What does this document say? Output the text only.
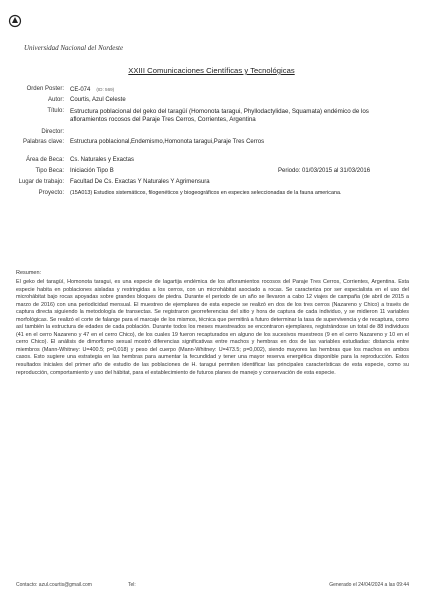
Universidad Nacional del Nordeste
XXIII Comunicaciones Científicas y Tecnológicas
Orden Poster: CE-074 (ID: 569)
Autor: Courtis, Azul Celeste
Título: Estructura poblacional del geko del taragüí (Homonota taragui, Phyllodactylidae, Squamata) endémico de los afloramientos rocosos del Paraje Tres Cerros, Corrientes, Argentina
Director:
Palabras clave: Estructura poblacional,Endemismo,Homonota taragui,Paraje Tres Cerros
Área de Beca: Cs. Naturales y Exactas
Tipo Beca: Iniciación Tipo B	Periodo: 01/03/2015 al 31/03/2016
Lugar de trabajo: Facultad De Cs. Exactas Y Naturales Y Agrimensura
Proyecto: (15A013) Estudios sistemáticos, filogenéticos y biogeográficos en especies seleccionadas de la fauna americana.
Resumen:
El geko del taragüí, Homonota taragui, es una especie de lagartija endémica de los afloramientos rocosos del Paraje Tres Cerros, Corrientes, Argentina. Esta especie habita en poblaciones aisladas y restringidas a los cerros, con un microhábitat asociado a rocas. Se caracteriza por ser especialista en el uso del microhábitat bajo rocas apoyadas sobre grandes bloques de piedra. Durante el periodo de un año se llevaron a cabo 12 viajes de campaña (de abril de 2015 a marzo de 2016) con una periodicidad mensual. El muestreo de ejemplares de esta especie se realizó en dos de los tres cerros (Nazareno y Chico) a través de captura directa siguiendo la metodología de transectas. Se registraron georreferencias del sitio y hora de captura de cada individuo, y se midieron 11 variables morfológicas. Se realizó el corte de falange para el marcaje de los mismos, técnica que permitirá a futuro determinar la tasa de supervivencia y de recaptura, como así también la estructura de edades de cada población. Durante todos los meses muestreados se encontraron ejemplares, registrándose un total de 88 individuos (41 en el cerro Nazareno y 47 en el cerro Chico), de los cuales 19 fueron recapturados en alguno de los sucesivos muestreos (9 en el cerro Nazareno y 10 en el cerro Chico). El análisis de dimorfismo sexual mostró diferencias significativas entre machos y hembras en dos de las variables estudiadas: distancia entre miembros (Mann-Whitney: U=400.5; p=0,018) y peso del cuerpo (Mann-Whitney: U=473.5; p=0,002), siendo mayores las hembras que los machos en ambos casos. Esto sugiere una estrategia en las hembras para aumentar la fecundidad y tener una mayor reserva energética disponible para la reproducción. Estos resultados iniciales del primer año de estudio de las poblaciones de H. taragui permiten identificar las principales características de esta especie, como su reproducción, comportamiento y uso del hábitat, para el establecimiento de futuros planes de manejo y conservación de esta especie.
Contacto: azul.courtis@gmail.com	Tel:	Generado el 24/04/2024 a las 09:44
